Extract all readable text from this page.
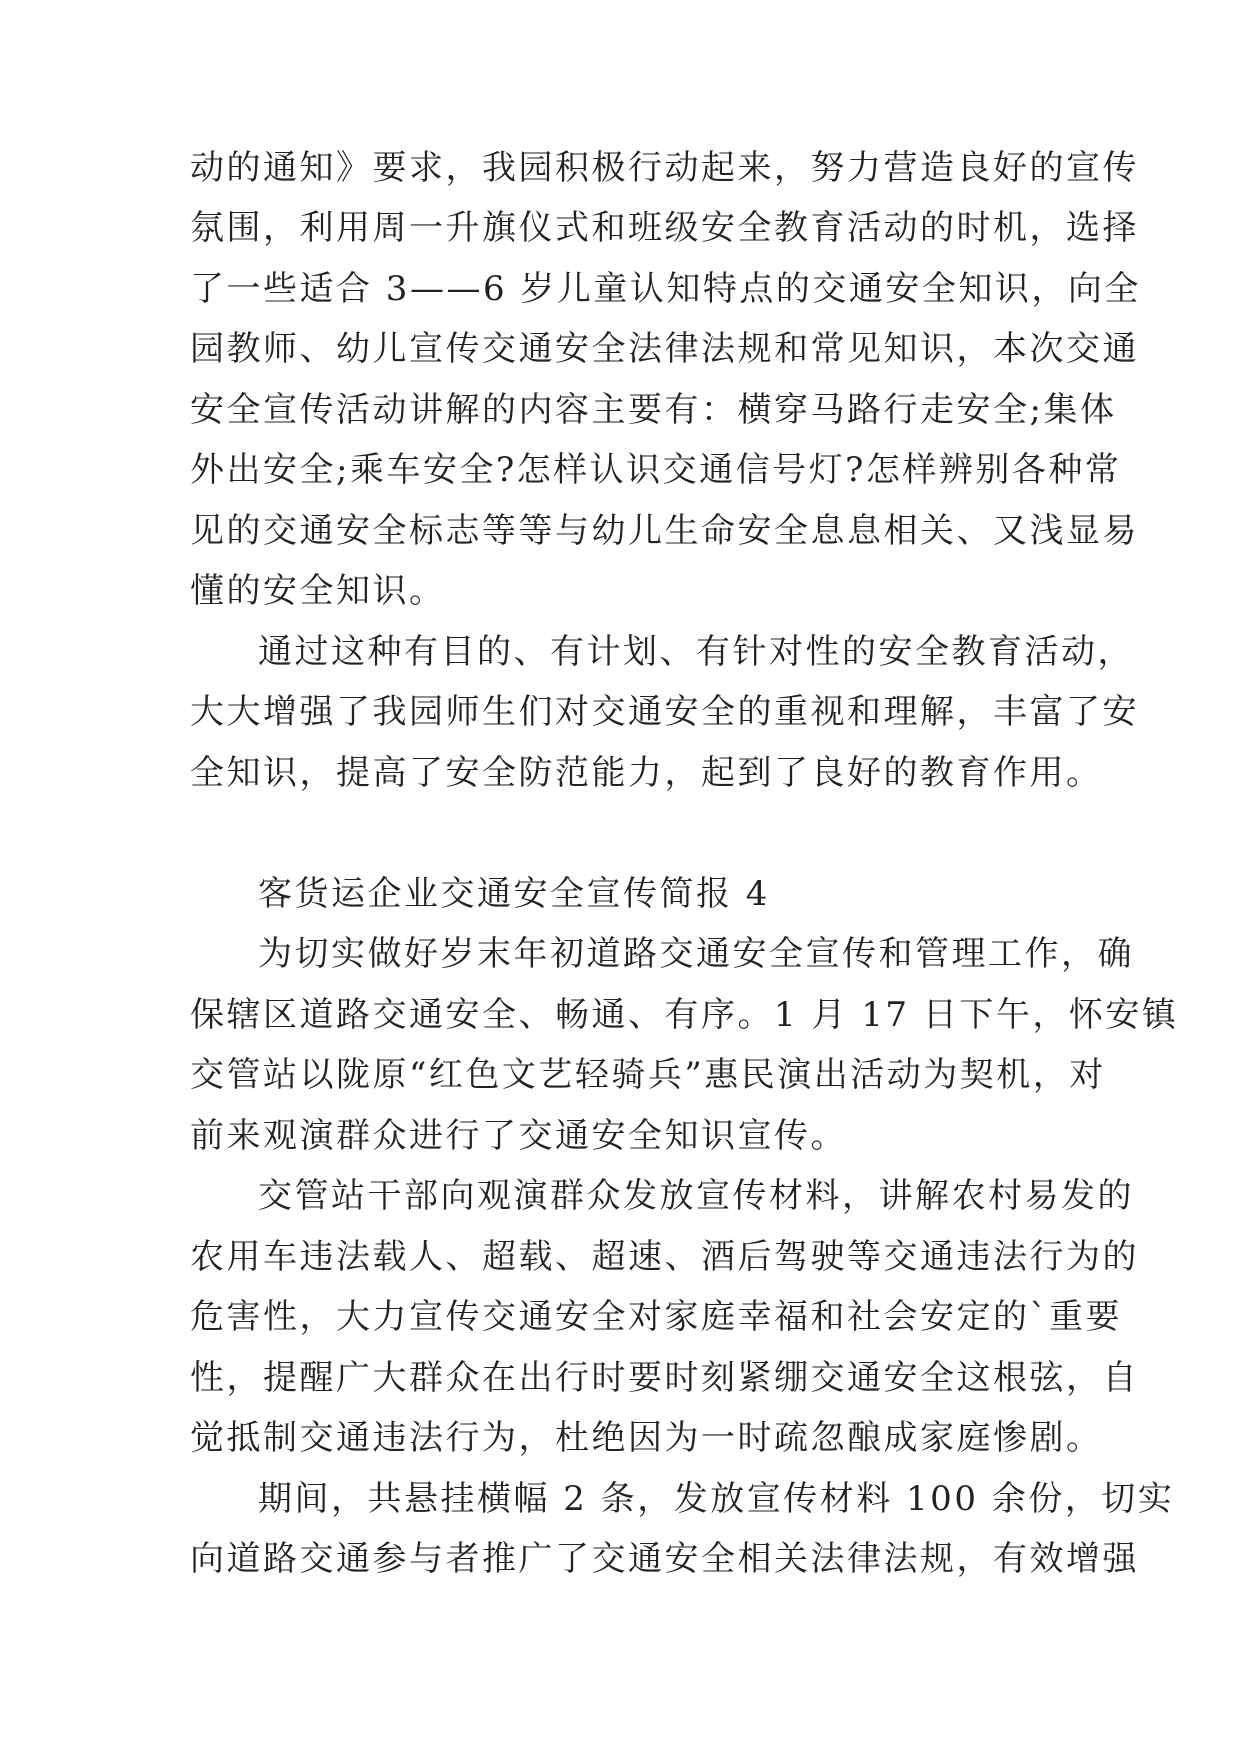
动的通知》要求，我园积极行动起来，努力营造良好的宣传
氛围，利用周一升旗仪式和班级安全教育活动的时机，选择
了一些适合 3——6 岁儿童认知特点的交通安全知识，向全
园教师、幼儿宣传交通安全法律法规和常见知识，本次交通
安全宣传活动讲解的内容主要有：横穿马路行走安全;集体
外出安全;乘车安全?怎样认识交通信号灯?怎样辨别各种常
见的交通安全标志等等与幼儿生命安全息息相关、又浅显易
懂的安全知识。
通过这种有目的、有计划、有针对性的安全教育活动，
大大增强了我园师生们对交通安全的重视和理解，丰富了安
全知识，提高了安全防范能力，起到了良好的教育作用。
客货运企业交通安全宣传简报 4
为切实做好岁末年初道路交通安全宣传和管理工作，确
保辖区道路交通安全、畅通、有序。1 月 17 日下午，怀安镇
交管站以陇原“红色文艺轻骑兵”惠民演出活动为契机，对
前来观演群众进行了交通安全知识宣传。
交管站干部向观演群众发放宣传材料，讲解农村易发的
农用车违法载人、超载、超速、酒后驾驶等交通违法行为的
危害性，大力宣传交通安全对家庭幸福和社会安定的`重要
性，提醒广大群众在出行时要时刻紧绷交通安全这根弦，自
觉抵制交通违法行为，杜绝因为一时疏忽酿成家庭惨剧。
期间，共悬挂横幅 2 条，发放宣传材料 100 余份，切实
向道路交通参与者推广了交通安全相关法律法规，有效增强
